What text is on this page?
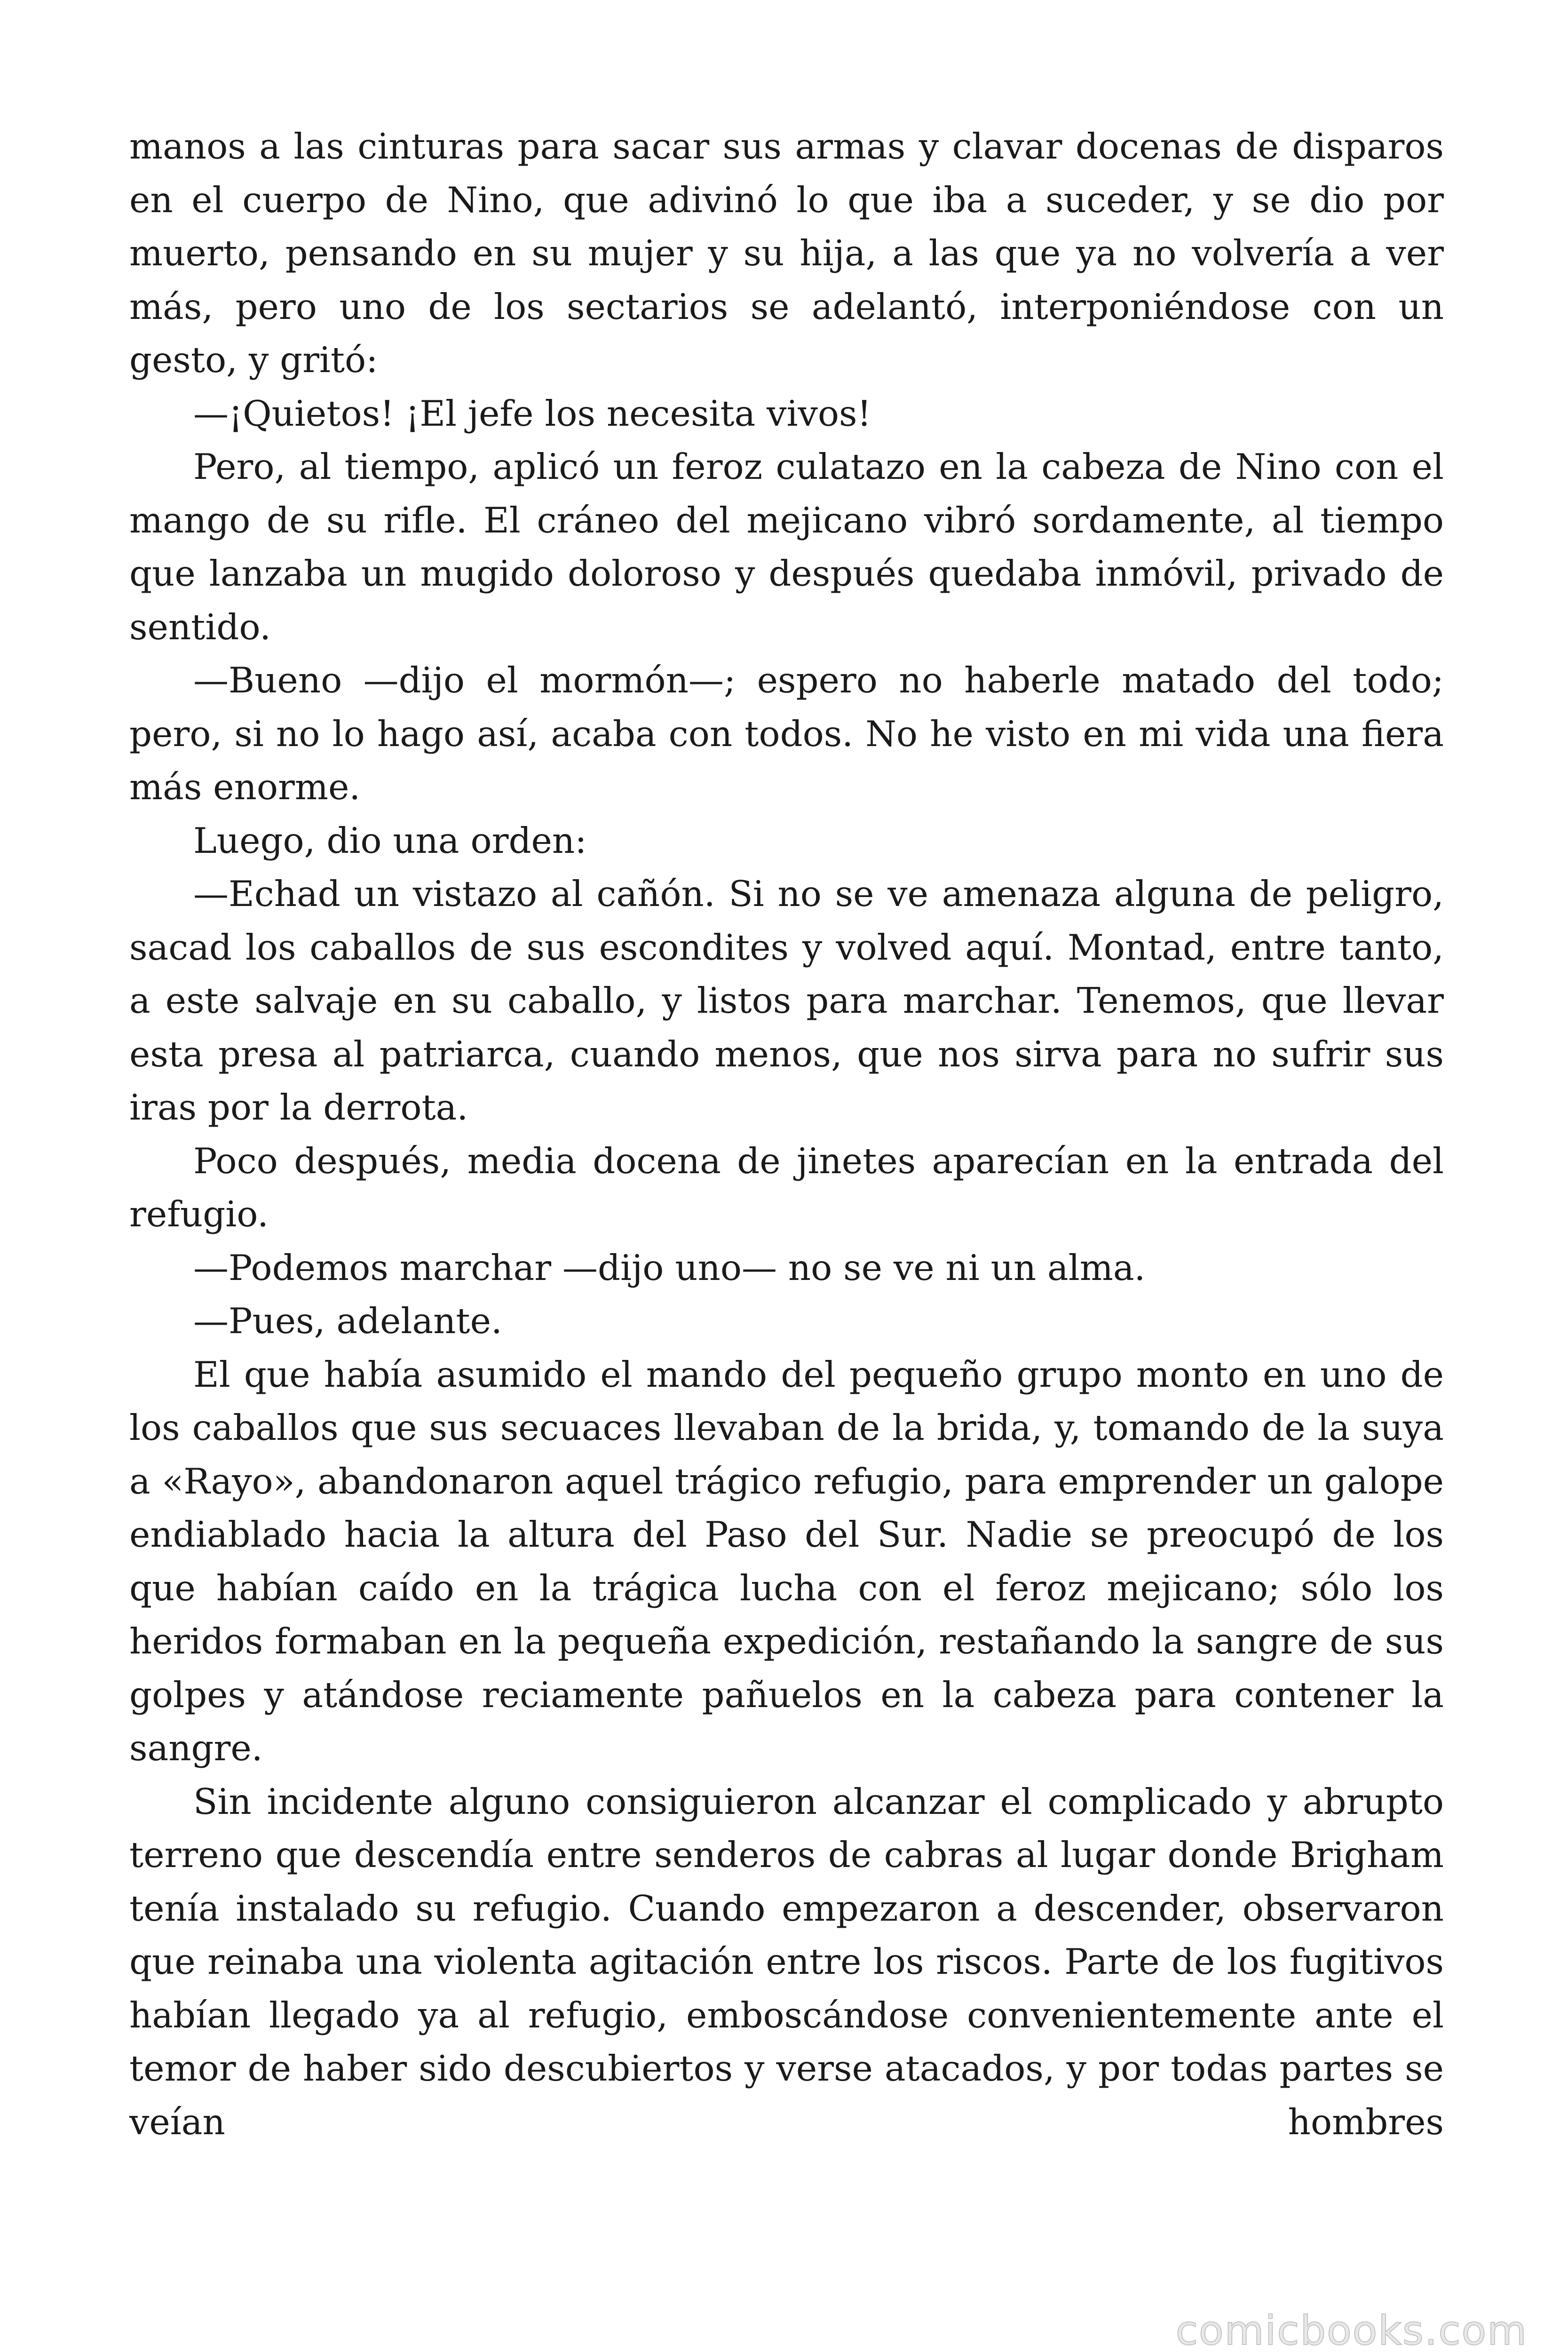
manos a las cinturas para sacar sus armas y clavar docenas de disparos en el cuerpo de Nino, que adivinó lo que iba a suceder, y se dio por muerto, pensando en su mujer y su hija, a las que ya no volvería a ver más, pero uno de los sectarios se adelantó, interponiéndose con un gesto, y gritó:

—¡Quietos! ¡El jefe los necesita vivos!

Pero, al tiempo, aplicó un feroz culatazo en la cabeza de Nino con el mango de su rifle. El cráneo del mejicano vibró sordamente, al tiempo que lanzaba un mugido doloroso y después quedaba inmóvil, privado de sentido.

—Bueno —dijo el mormón—; espero no haberle matado del todo; pero, si no lo hago así, acaba con todos. No he visto en mi vida una fiera más enorme.

Luego, dio una orden:

—Echad un vistazo al cañón. Si no se ve amenaza alguna de peligro, sacad los caballos de sus escondites y volved aquí. Montad, entre tanto, a este salvaje en su caballo, y listos para marchar. Tenemos, que llevar esta presa al patriarca, cuando menos, que nos sirva para no sufrir sus iras por la derrota.

Poco después, media docena de jinetes aparecían en la entrada del refugio.

—Podemos marchar —dijo uno— no se ve ni un alma.

—Pues, adelante.

El que había asumido el mando del pequeño grupo monto en uno de los caballos que sus secuaces llevaban de la brida, y, tomando de la suya a «Rayo», abandonaron aquel trágico refugio, para emprender un galope endiablado hacia la altura del Paso del Sur. Nadie se preocupó de los que habían caído en la trágica lucha con el feroz mejicano; sólo los heridos formaban en la pequeña expedición, restañando la sangre de sus golpes y atándose reciamente pañuelos en la cabeza para contener la sangre.

Sin incidente alguno consiguieron alcanzar el complicado y abrupto terreno que descendía entre senderos de cabras al lugar donde Brigham tenía instalado su refugio. Cuando empezaron a descender, observaron que reinaba una violenta agitación entre los riscos. Parte de los fugitivos habían llegado ya al refugio, emboscándose convenientemente ante el temor de haber sido descubiertos y verse atacados, y por todas partes se veían hombres

comicbooks.com
